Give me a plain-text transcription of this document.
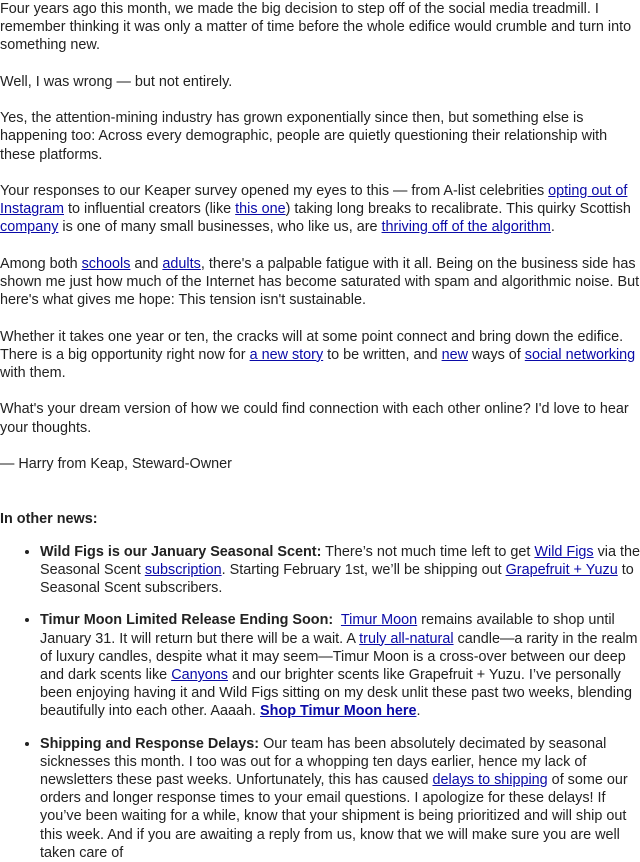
Four years ago this month, we made the big decision to step off of the social media treadmill. I remember thinking it was only a matter of time before the whole edifice would crumble and turn into something new.

Well, I was wrong — but not entirely.

Yes, the attention-mining industry has grown exponentially since then, but something else is happening too: Across every demographic, people are quietly questioning their relationship with these platforms.

Your responses to our Keaper survey opened my eyes to this — from A-list celebrities opting out of Instagram to influential creators (like this one) taking long breaks to recalibrate. This quirky Scottish company is one of many small businesses, who like us, are thriving off of the algorithm.

Among both schools and adults, there's a palpable fatigue with it all. Being on the business side has shown me just how much of the Internet has become saturated with spam and algorithmic noise. But here's what gives me hope: This tension isn't sustainable.

Whether it takes one year or ten, the cracks will at some point connect and bring down the edifice. There is a big opportunity right now for a new story to be written, and new ways of social networking with them.

What's your dream version of how we could find connection with each other online? I'd love to hear your thoughts.

— Harry from Keap, Steward-Owner

In other news:

• Wild Figs is our January Seasonal Scent: There’s not much time left to get Wild Figs via the Seasonal Scent subscription. Starting February 1st, we’ll be shipping out Grapefruit + Yuzu to Seasonal Scent subscribers.
• Timur Moon Limited Release Ending Soon: Timur Moon remains available to shop until January 31. It will return but there will be a wait. A truly all-natural candle—a rarity in the realm of luxury candles, despite what it may seem—Timur Moon is a cross-over between our deep and dark scents like Canyons and our brighter scents like Grapefruit + Yuzu. I’ve personally been enjoying having it and Wild Figs sitting on my desk unlit these past two weeks, blending beautifully into each other. Aaaah. Shop Timur Moon here.
• Shipping and Response Delays: Our team has been absolutely decimated by seasonal sicknesses this month. I too was out for a whopping ten days earlier, hence my lack of newsletters these past weeks. Unfortunately, this has caused delays to shipping of some our orders and longer response times to your email questions. I apologize for these delays! If you’ve been waiting for a while, know that your shipment is being prioritized and will ship out this week. And if you are awaiting a reply from us, know that we will make sure you are well taken care of
